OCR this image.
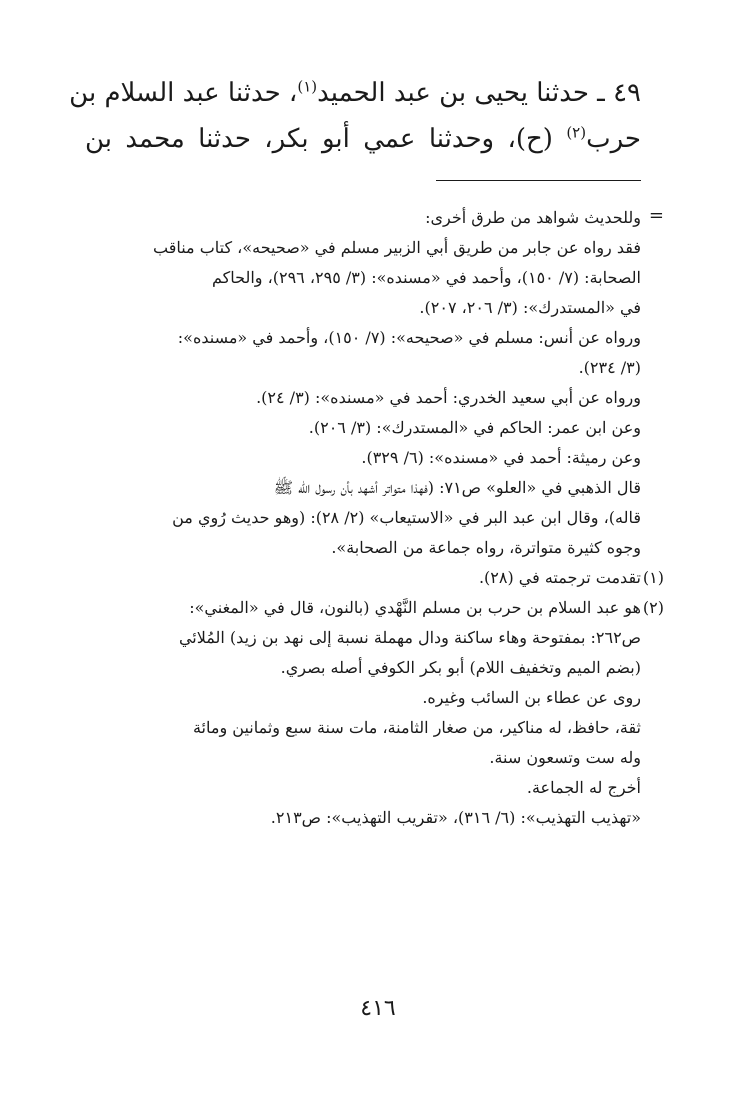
٤٩ ـ حدثنا يحيى بن عبد الحميد$^{(١)}$، حدثنا عبد السلام بن
حرب$^{(٢)}$ (ح)، وحدثنا عمي أبو بكر، حدثنا محمد بن
=
وللحديث شواهد من طرق أخرى:
فقد رواه عن جابر من طريق أبي الزبير مسلم في «صحيحه»، كتاب مناقب
الصحابة: (٧/ ١٥٠)، وأحمد في «مسنده»: (٣/ ٢٩٥، ٢٩٦)، والحاكم
في «المستدرك»: (٣/ ٢٠٦، ٢٠٧).
ورواه عن أنس: مسلم في «صحيحه»: (٧/ ١٥٠)، وأحمد في «مسنده»:
(٣/ ٢٣٤).
ورواه عن أبي سعيد الخدري: أحمد في «مسنده»: (٣/ ٢٤).
وعن ابن عمر: الحاكم في «المستدرك»: (٣/ ٢٠٦).
وعن رميثة: أحمد في «مسنده»: (٦/ ٣٢٩).
قال الذهبي في «العلو» ص٧١: (فهذا متواتر أشهد بأن رسول الله ﷺ
قاله)، وقال ابن عبد البر في «الاستيعاب» (٢/ ٢٨): (وهو حديث رُوي من
وجوه كثيرة متواترة، رواه جماعة من الصحابة».
تقدمت ترجمته في (٢٨).
هو عبد السلام بن حرب بن مسلم النَّهْدي (بالنون، قال في «المغني»:
ص٢٦٢: بمفتوحة وهاء ساكنة ودال مهملة نسبة إلى نهد بن زيد) المُلائي
(بضم الميم وتخفيف اللام) أبو بكر الكوفي أصله بصري.
روى عن عطاء بن السائب وغيره.
ثقة، حافظ، له مناكير، من صغار الثامنة، مات سنة سبع وثمانين ومائة
وله ست وتسعون سنة.
أخرج له الجماعة.
«تهذيب التهذيب»: (٦/ ٣١٦)، «تقريب التهذيب»: ص٢١٣.
(١)
(٢)
٤١٦
